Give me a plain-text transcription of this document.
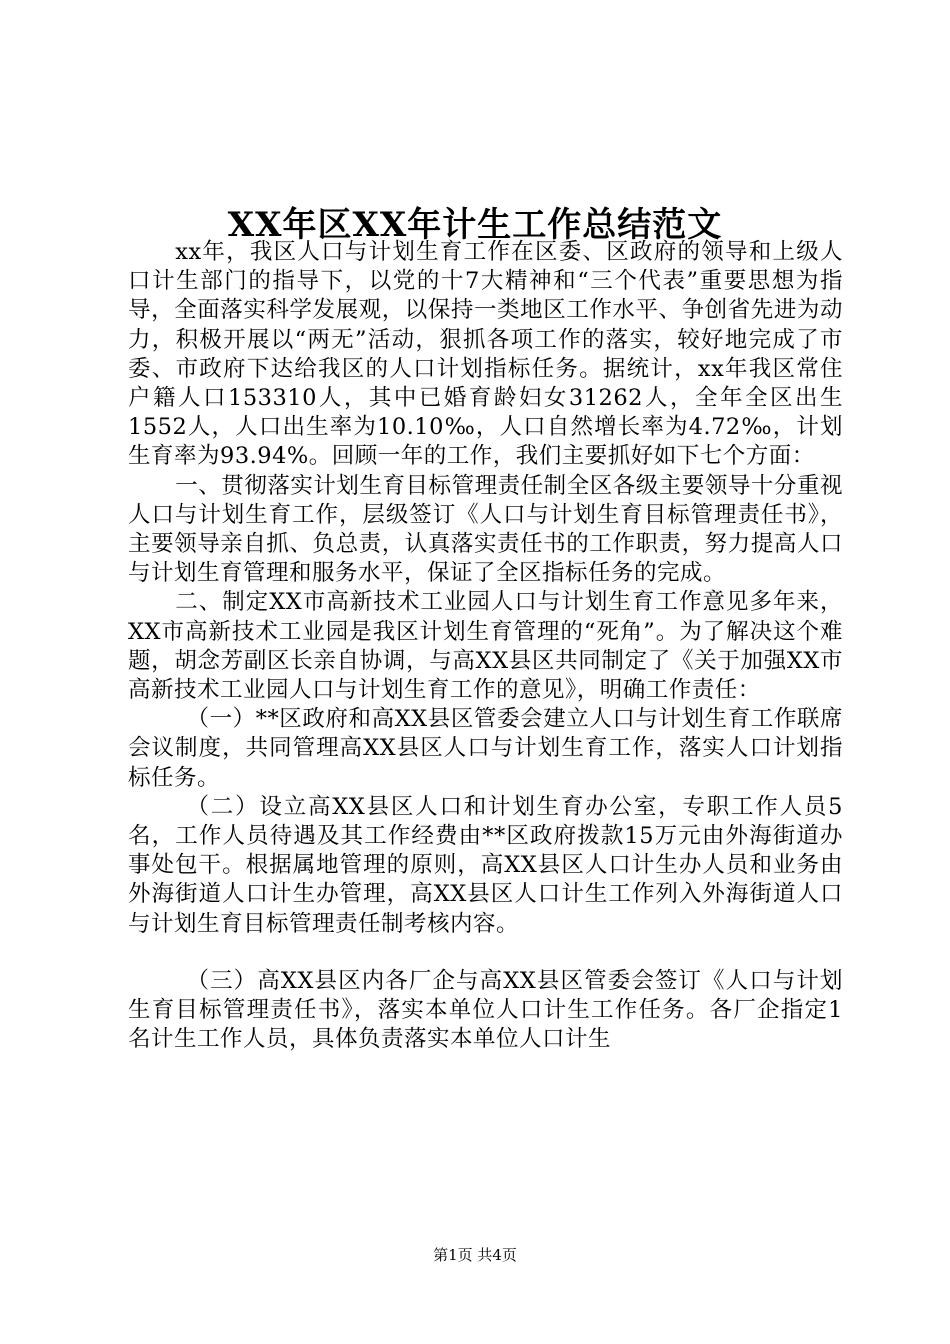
XX年区XX年计生工作总结范文

xx年，我区人口与计划生育工作在区委、区政府的领导和上级人口计生部门的指导下，以党的十7大精神和“三个代表”重要思想为指导，全面落实科学发展观，以保持一类地区工作水平、争创省先进为动力，积极开展以“两无”活动，狠抓各项工作的落实，较好地完成了市委、市政府下达给我区的人口计划指标任务。据统计，xx年我区常住户籍人口153310人，其中已婚育龄妇女31262人，全年全区出生1552人，人口出生率为10.10‰，人口自然增长率为4.72‰，计划生育率为93.94%。回顾一年的工作，我们主要抓好如下七个方面：

一、贯彻落实计划生育目标管理责任制全区各级主要领导十分重视人口与计划生育工作，层级签订《人口与计划生育目标管理责任书》，主要领导亲自抓、负总责，认真落实责任书的工作职责，努力提高人口与计划生育管理和服务水平，保证了全区指标任务的完成。

二、制定XX市高新技术工业园人口与计划生育工作意见多年来，XX市高新技术工业园是我区计划生育管理的“死角”。为了解决这个难题，胡念芳副区长亲自协调，与高XX县区共同制定了《关于加强XX市高新技术工业园人口与计划生育工作的意见》，明确工作责任：

（一）**区政府和高XX县区管委会建立人口与计划生育工作联席会议制度，共同管理高XX县区人口与计划生育工作，落实人口计划指标任务。

（二）设立高XX县区人口和计划生育办公室，专职工作人员5名，工作人员待遇及其工作经费由**区政府拨款15万元由外海街道办事处包干。根据属地管理的原则，高XX县区人口计生办人员和业务由外海街道人口计生办管理，高XX县区人口计生工作列入外海街道人口与计划生育目标管理责任制考核内容。

（三）高XX县区内各厂企与高XX县区管委会签订《人口与计划生育目标管理责任书》，落实本单位人口计生工作任务。各厂企指定1名计生工作人员，具体负责落实本单位人口计生

第1页 共4页
